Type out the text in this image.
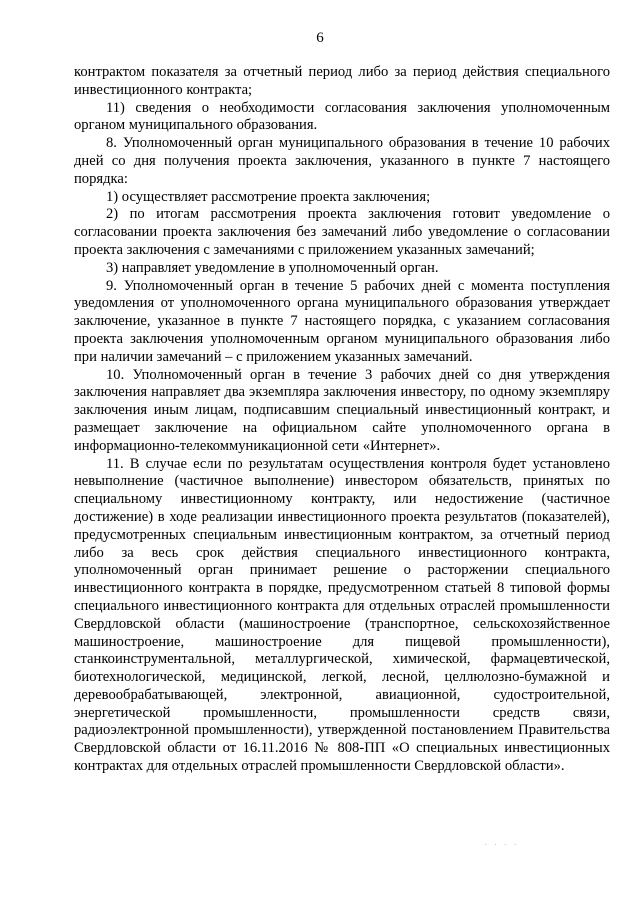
6

контрактом показателя за отчетный период либо за период действия специального инвестиционного контракта;

11) сведения о необходимости согласования заключения уполномоченным органом муниципального образования.

8. Уполномоченный орган муниципального образования в течение 10 рабочих дней со дня получения проекта заключения, указанного в пункте 7 настоящего порядка:

1) осуществляет рассмотрение проекта заключения;

2) по итогам рассмотрения проекта заключения готовит уведомление о согласовании проекта заключения без замечаний либо уведомление о согласовании проекта заключения с замечаниями с приложением указанных замечаний;

3) направляет уведомление в уполномоченный орган.

9. Уполномоченный орган в течение 5 рабочих дней с момента поступления уведомления от уполномоченного органа муниципального образования утверждает заключение, указанное в пункте 7 настоящего порядка, с указанием согласования проекта заключения уполномоченным органом муниципального образования либо при наличии замечаний – с приложением указанных замечаний.

10. Уполномоченный орган в течение 3 рабочих дней со дня утверждения заключения направляет два экземпляра заключения инвестору, по одному экземпляру заключения иным лицам, подписавшим специальный инвестиционный контракт, и размещает заключение на официальном сайте уполномоченного органа в информационно-телекоммуникационной сети «Интернет».

11. В случае если по результатам осуществления контроля будет установлено невыполнение (частичное выполнение) инвестором обязательств, принятых по специальному инвестиционному контракту, или недостижение (частичное достижение) в ходе реализации инвестиционного проекта результатов (показателей), предусмотренных специальным инвестиционным контрактом, за отчетный период либо за весь срок действия специального инвестиционного контракта, уполномоченный орган принимает решение о расторжении специального инвестиционного контракта в порядке, предусмотренном статьей 8 типовой формы специального инвестиционного контракта для отдельных отраслей промышленности Свердловской области (машиностроение (транспортное, сельскохозяйственное машиностроение, машиностроение для пищевой промышленности), станкоинструментальной, металлургической, химической, фармацевтической, биотехнологической, медицинской, легкой, лесной, целлюлозно-бумажной и деревообрабатывающей, электронной, авиационной, судостроительной, энергетической промышленности, промышленности средств связи, радиоэлектронной промышленности), утвержденной постановлением Правительства Свердловской области от 16.11.2016 № 808-ПП «О специальных инвестиционных контрактах для отдельных отраслей промышленности Свердловской области».

· · · ·
